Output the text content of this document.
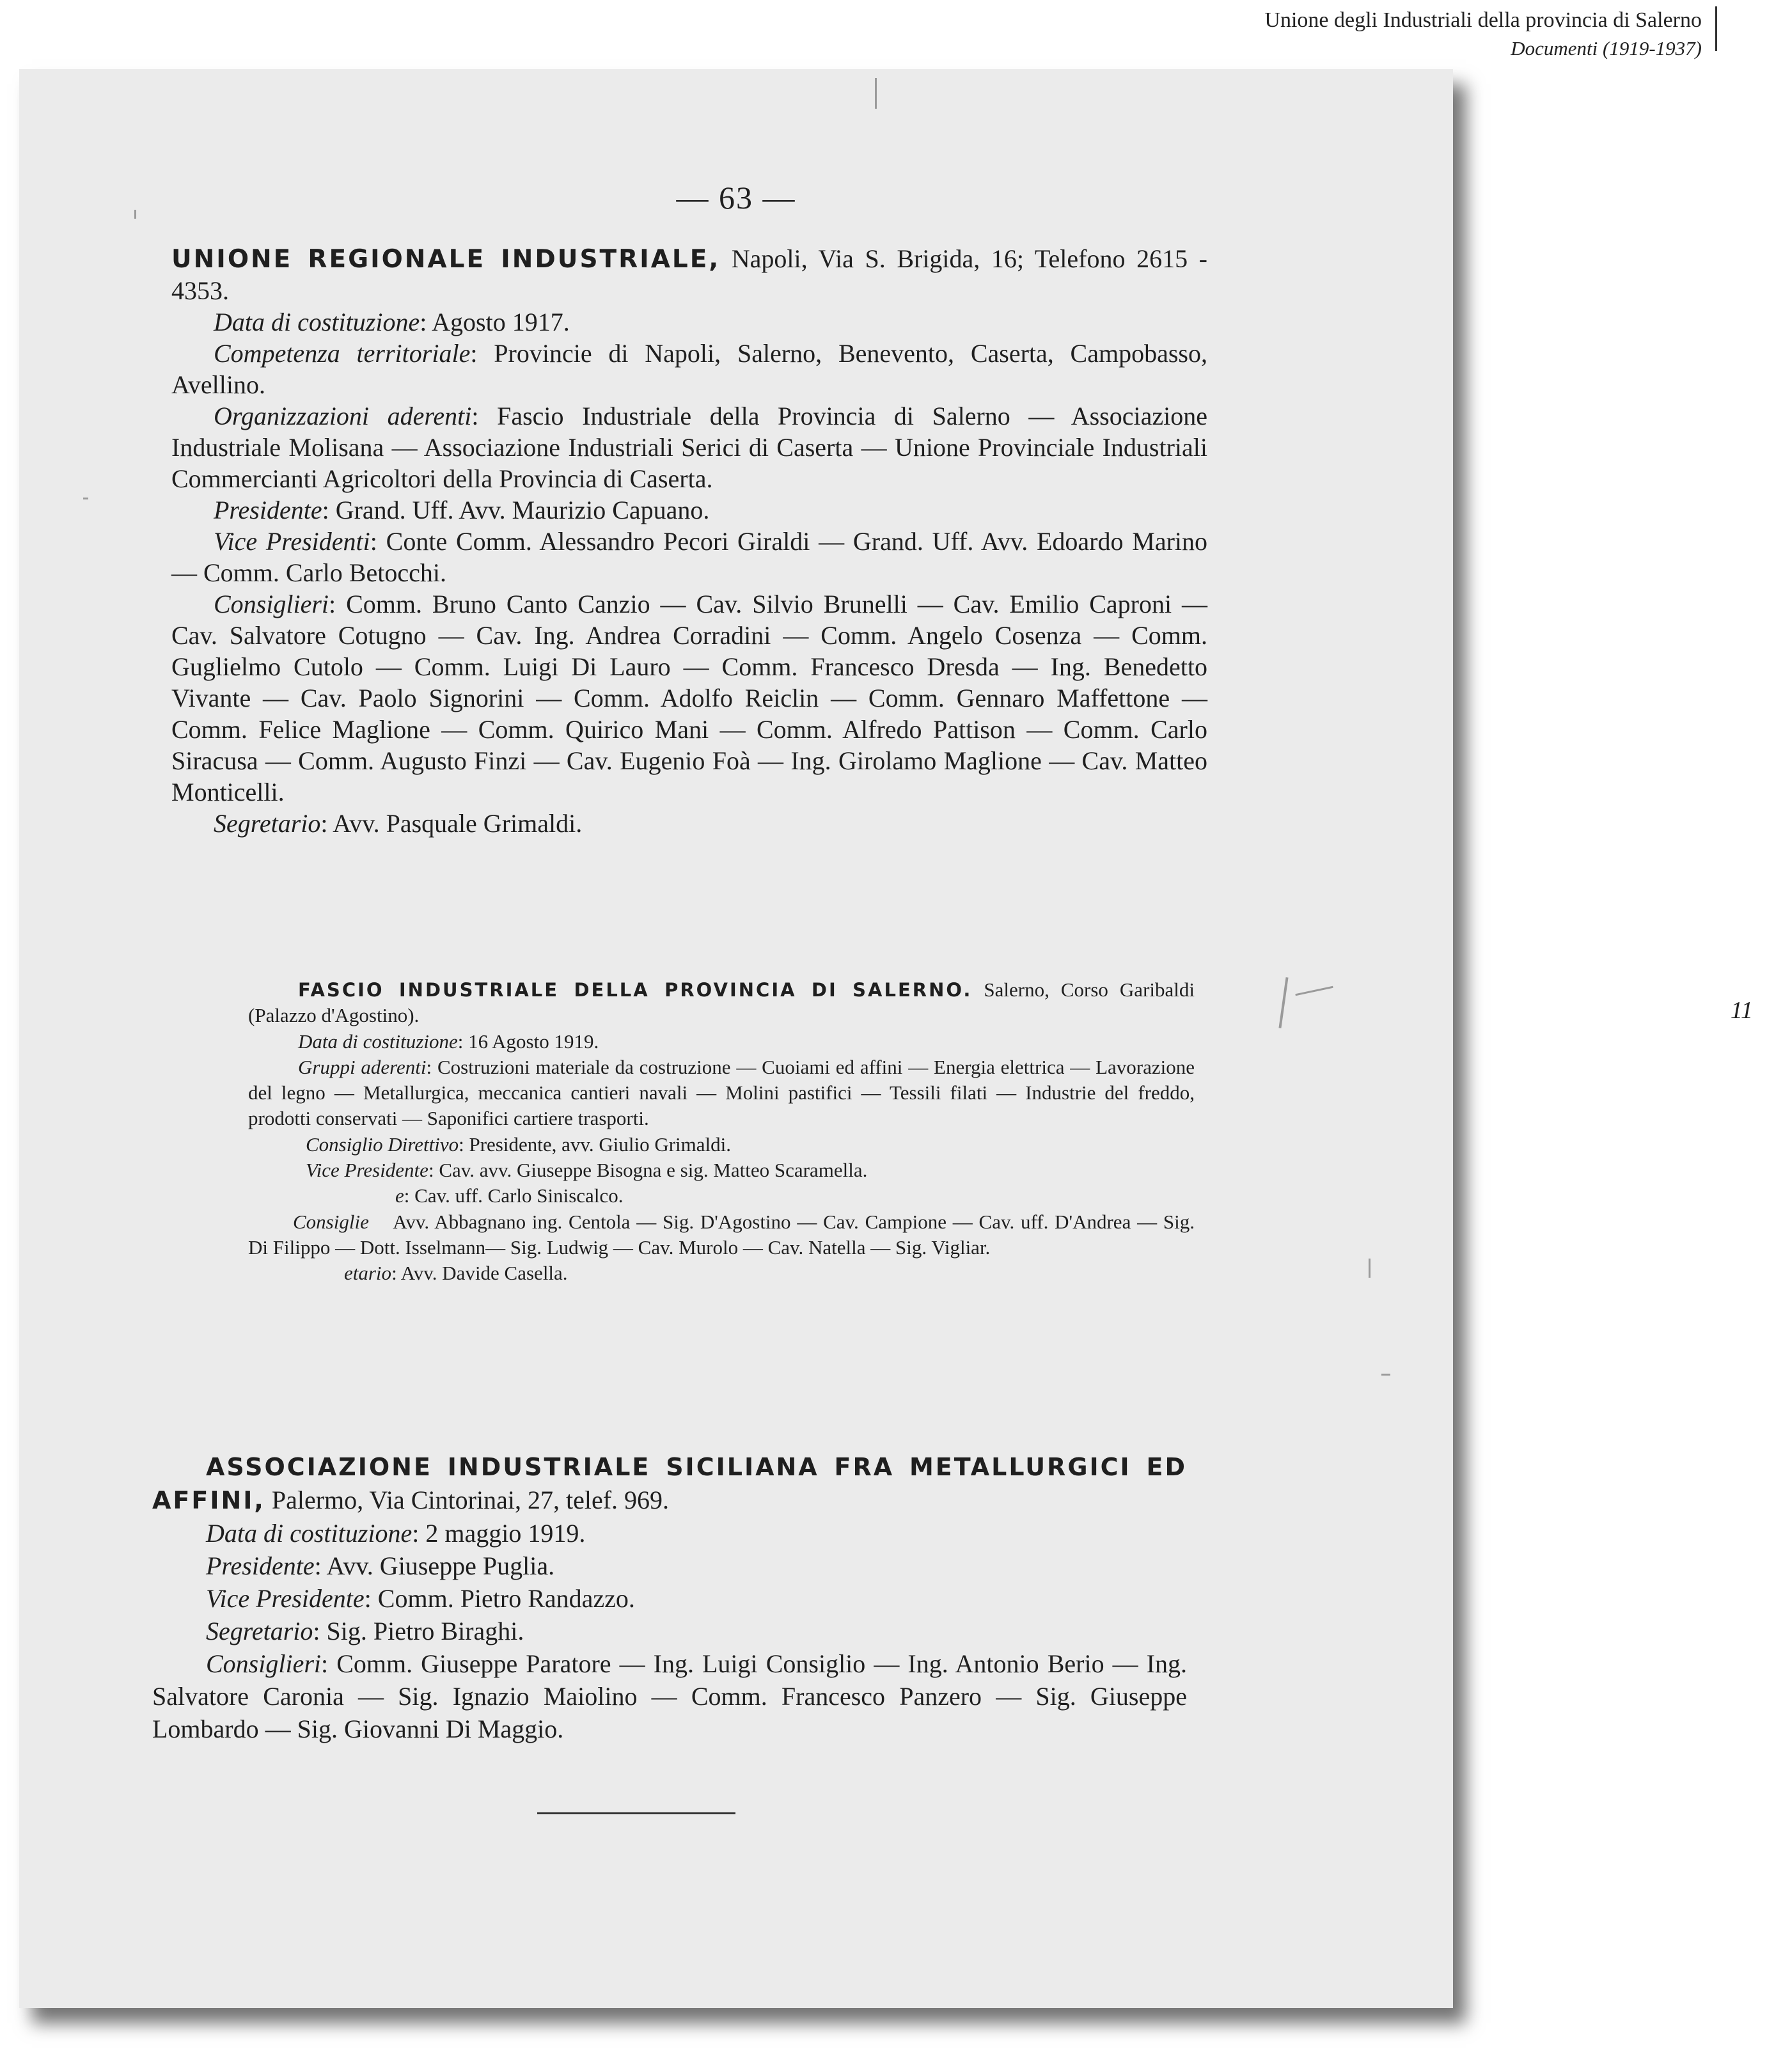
Unione degli Industriali della provincia di Salerno
Documenti (1919-1937)
11
— 63 —

UNIONE REGIONALE INDUSTRIALE, Napoli, Via S. Brigida, 16; Telefono 2615 - 4353.

Data di costituzione: Agosto 1917.

Competenza territoriale: Provincie di Napoli, Salerno, Benevento, Caserta, Campobasso, Avellino.

Organizzazioni aderenti: Fascio Industriale della Provincia di Salerno — Associazione Industriale Molisana — Associazione Industriali Serici di Caserta — Unione Provinciale Industriali Commercianti Agricoltori della Provincia di Caserta.

Presidente: Grand. Uff. Avv. Maurizio Capuano.

Vice Presidenti: Conte Comm. Alessandro Pecori Giraldi — Grand. Uff. Avv. Edoardo Marino — Comm. Carlo Betocchi.

Consiglieri: Comm. Bruno Canto Canzio — Cav. Silvio Brunelli — Cav. Emilio Caproni — Cav. Salvatore Cotugno — Cav. Ing. Andrea Corradini — Comm. Angelo Cosenza — Comm. Guglielmo Cutolo — Comm. Luigi Di Lauro — Comm. Francesco Dresda — Ing. Benedetto Vivante — Cav. Paolo Signorini — Comm. Adolfo Reiclin — Comm. Gennaro Maffettone — Comm. Felice Maglione — Comm. Quirico Mani — Comm. Alfredo Pattison — Comm. Carlo Siracusa — Comm. Augusto Finzi — Cav. Eugenio Foà — Ing. Girolamo Maglione — Cav. Matteo Monticelli.

Segretario: Avv. Pasquale Grimaldi.

FASCIO INDUSTRIALE DELLA PROVINCIA DI SALERNO. Salerno, Corso Garibaldi (Palazzo d'Agostino).

Data di costituzione: 16 Agosto 1919.

Gruppi aderenti: Costruzioni materiale da costruzione — Cuoiami ed affini — Energia elettrica — Lavorazione del legno — Metallurgica, meccanica cantieri navali — Molini pastifici — Tessili filati — Industrie del freddo, prodotti conservati — Saponifici cartiere trasporti.

Consiglio Direttivo: Presidente, avv. Giulio Grimaldi.

Vice Presidente: Cav. avv. Giuseppe Bisogna e sig. Matteo Scaramella.

e: Cav. uff. Carlo Siniscalco.

Consiglie Avv. Abbagnano ing. Centola — Sig. D'Agostino — Cav. Campione — Cav. uff. D'Andrea — Sig. Di Filippo — Dott. Isselmann— Sig. Ludwig — Cav. Murolo — Cav. Natella — Sig. Vigliar.

etario: Avv. Davide Casella.

ASSOCIAZIONE INDUSTRIALE SICILIANA FRA METALLURGICI ED AFFINI, Palermo, Via Cintorinai, 27, telef. 969.

Data di costituzione: 2 maggio 1919.

Presidente: Avv. Giuseppe Puglia.

Vice Presidente: Comm. Pietro Randazzo.

Segretario: Sig. Pietro Biraghi.

Consiglieri: Comm. Giuseppe Paratore — Ing. Luigi Consiglio — Ing. Antonio Berio — Ing. Salvatore Caronia — Sig. Ignazio Maiolino — Comm. Francesco Panzero — Sig. Giuseppe Lombardo — Sig. Giovanni Di Maggio.
